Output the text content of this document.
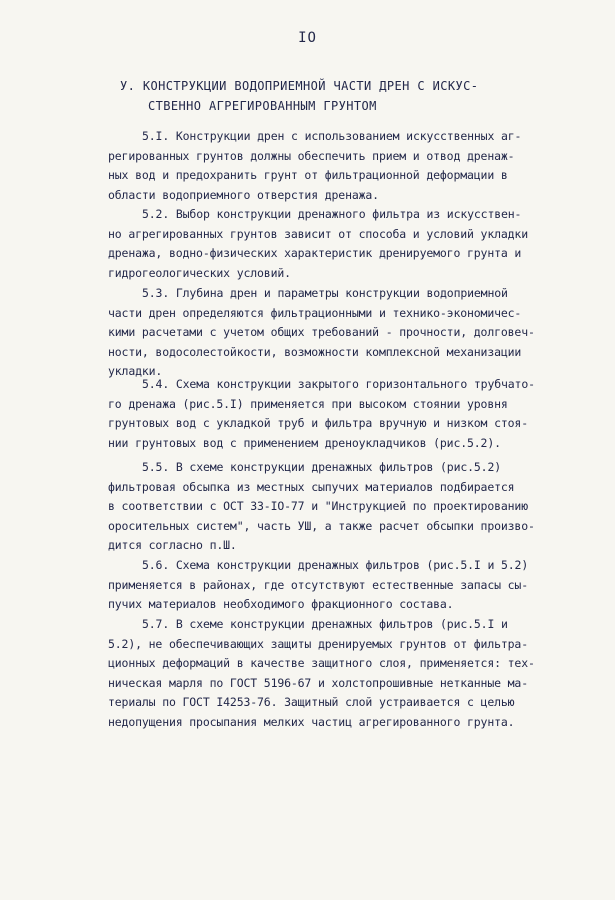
IO
У. КОНСТРУКЦИИ ВОДОПРИЕМНОЙ ЧАСТИ ДРЕН С ИСКУС-
СТВЕННО АГРЕГИРОВАННЫМ ГРУНТОМ
5.I. Конструкции дрен с использованием искусственных аг-
регированных грунтов должны обеспечить прием и отвод дренаж-
ных вод и предохранить грунт от фильтрационной деформации в
области водоприемного отверстия дренажа.
5.2. Выбор конструкции дренажного фильтра из искусствен-
но агрегированных грунтов зависит от способа и условий укладки
дренажа, водно-физических характеристик дренируемого грунта и
гидрогеологических условий.
5.3. Глубина дрен и параметры конструкции водоприемной
части дрен определяются фильтрационными и технико-экономичес-
кими расчетами с учетом общих требований - прочности, долговеч-
ности, водосолестойкости, возможности комплексной механизации
укладки.
5.4. Схема конструкции закрытого горизонтального трубчато-
го дренажа (рис.5.I) применяется при высоком стоянии уровня
грунтовых вод с укладкой труб и фильтра вручную и низком стоя-
нии грунтовых вод с применением дреноукладчиков (рис.5.2).
5.5. В схеме конструкции дренажных фильтров (рис.5.2)
фильтровая обсыпка из местных сыпучих материалов подбирается
в соответствии с ОСТ 33-IO-77 и "Инструкцией по проектированию
оросительных систем", часть УШ, а также расчет обсыпки произво-
дится согласно п.Ш.
5.6. Схема конструкции дренажных фильтров (рис.5.I и 5.2)
применяется в районах, где отсутствуют естественные запасы сы-
пучих материалов необходимого фракционного состава.
5.7. В схеме конструкции дренажных фильтров (рис.5.I и
5.2), не обеспечивающих защиты дренируемых грунтов от фильтра-
ционных деформаций в качестве защитного слоя, применяется: тех-
ническая марля по ГОСТ 5196-67 и холстопрошивные нетканные ма-
териалы по ГОСТ I4253-76. Защитный слой устраивается с целью
недопущения просыпания мелких частиц агрегированного грунта.
